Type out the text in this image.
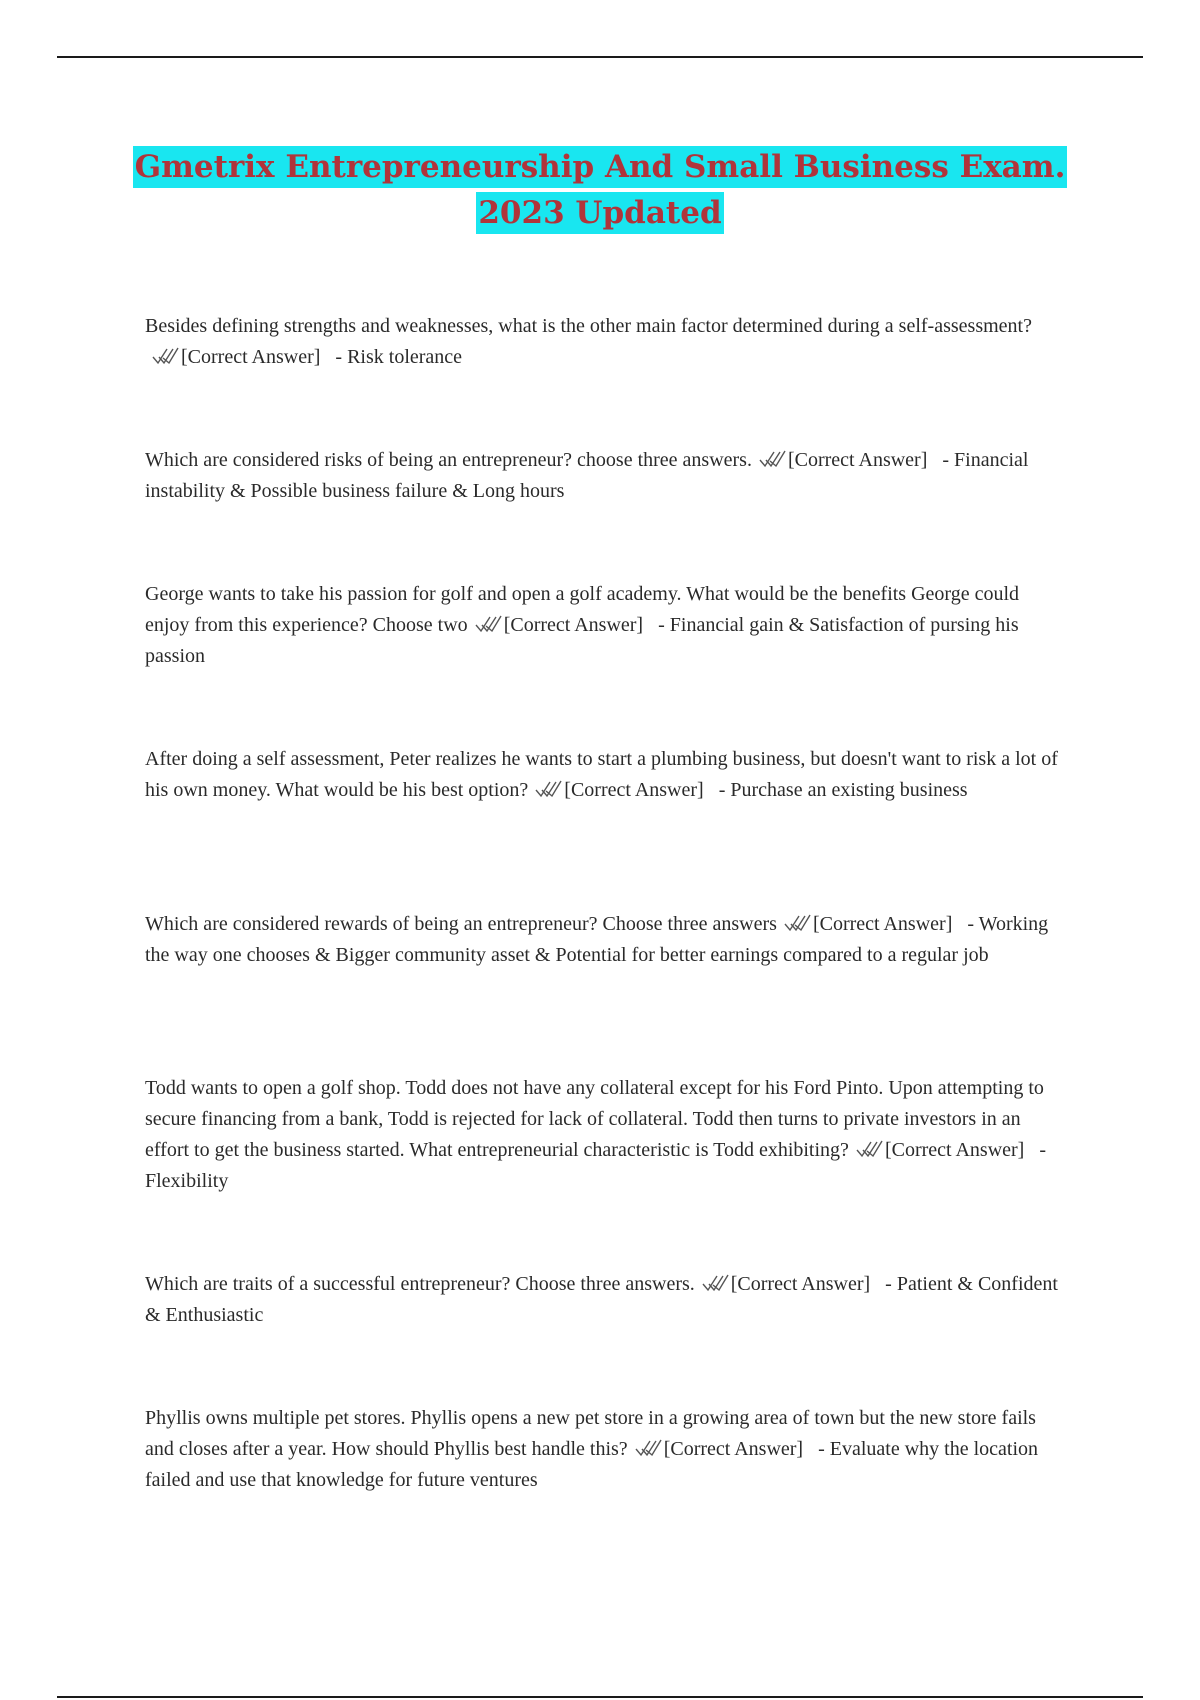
Gmetrix Entrepreneurship And Small Business Exam.
2023 Updated

Besides defining strengths and weaknesses, what is the other main factor determined during a self-assessment?
[Correct Answer]   - Risk tolerance

Which are considered risks of being an entrepreneur? choose three answers. [Correct Answer]   - Financial instability & Possible business failure & Long hours

George wants to take his passion for golf and open a golf academy. What would be the benefits George could enjoy from this experience? Choose two [Correct Answer]   - Financial gain & Satisfaction of pursing his passion

After doing a self assessment, Peter realizes he wants to start a plumbing business, but doesn't want to risk a lot of his own money. What would be his best option? [Correct Answer]   - Purchase an existing business

Which are considered rewards of being an entrepreneur? Choose three answers [Correct Answer]   - Working the way one chooses & Bigger community asset & Potential for better earnings compared to a regular job

Todd wants to open a golf shop. Todd does not have any collateral except for his Ford Pinto. Upon attempting to secure financing from a bank, Todd is rejected for lack of collateral. Todd then turns to private investors in an effort to get the business started. What entrepreneurial characteristic is Todd exhibiting? [Correct Answer]   - Flexibility

Which are traits of a successful entrepreneur? Choose three answers. [Correct Answer]   - Patient & Confident & Enthusiastic

Phyllis owns multiple pet stores. Phyllis opens a new pet store in a growing area of town but the new store fails and closes after a year. How should Phyllis best handle this? [Correct Answer]   - Evaluate why the location failed and use that knowledge for future ventures
